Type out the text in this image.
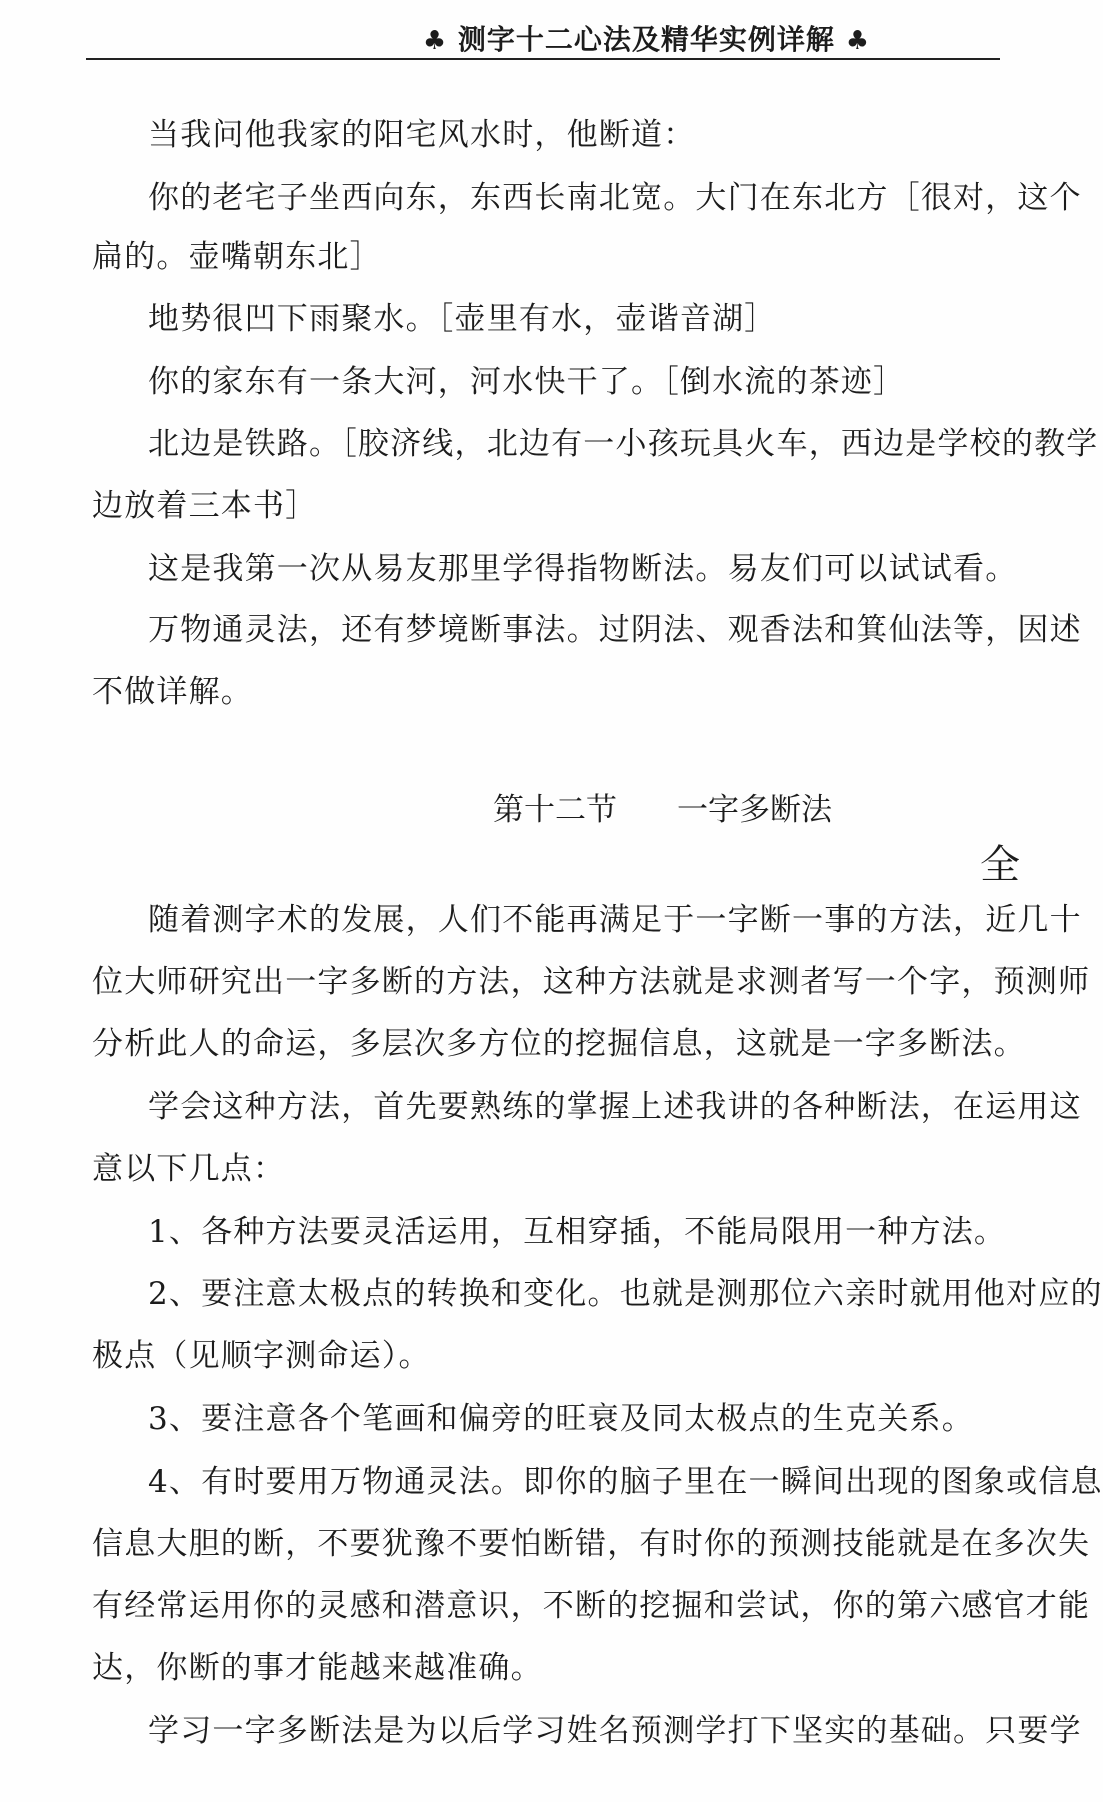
♣ 测字十二心法及精华实例详解 ♣
当我问他我家的阳宅风水时，他断道：
你的老宅子坐西向东，东西长南北宽。大门在东北方［很对，这个
扁的。壶嘴朝东北］
地势很凹下雨聚水。［壶里有水，壶谐音湖］
你的家东有一条大河，河水快干了。［倒水流的茶迹］
北边是铁路。［胶济线，北边有一小孩玩具火车，西边是学校的教学
边放着三本书］
这是我第一次从易友那里学得指物断法。易友们可以试试看。
万物通灵法，还有梦境断事法。过阴法、观香法和箕仙法等，因述
不做详解。
第十二节 一字多断法
全
随着测字术的发展，人们不能再满足于一字断一事的方法，近几十
位大师研究出一字多断的方法，这种方法就是求测者写一个字，预测师
分析此人的命运，多层次多方位的挖掘信息，这就是一字多断法。
学会这种方法，首先要熟练的掌握上述我讲的各种断法，在运用这
意以下几点：
1、各种方法要灵活运用，互相穿插，不能局限用一种方法。
2、要注意太极点的转换和变化。也就是测那位六亲时就用他对应的
极点（见顺字测命运）。
3、要注意各个笔画和偏旁的旺衰及同太极点的生克关系。
4、有时要用万物通灵法。即你的脑子里在一瞬间出现的图象或信息
信息大胆的断，不要犹豫不要怕断错，有时你的预测技能就是在多次失
有经常运用你的灵感和潜意识，不断的挖掘和尝试，你的第六感官才能
达，你断的事才能越来越准确。
学习一字多断法是为以后学习姓名预测学打下坚实的基础。只要学
